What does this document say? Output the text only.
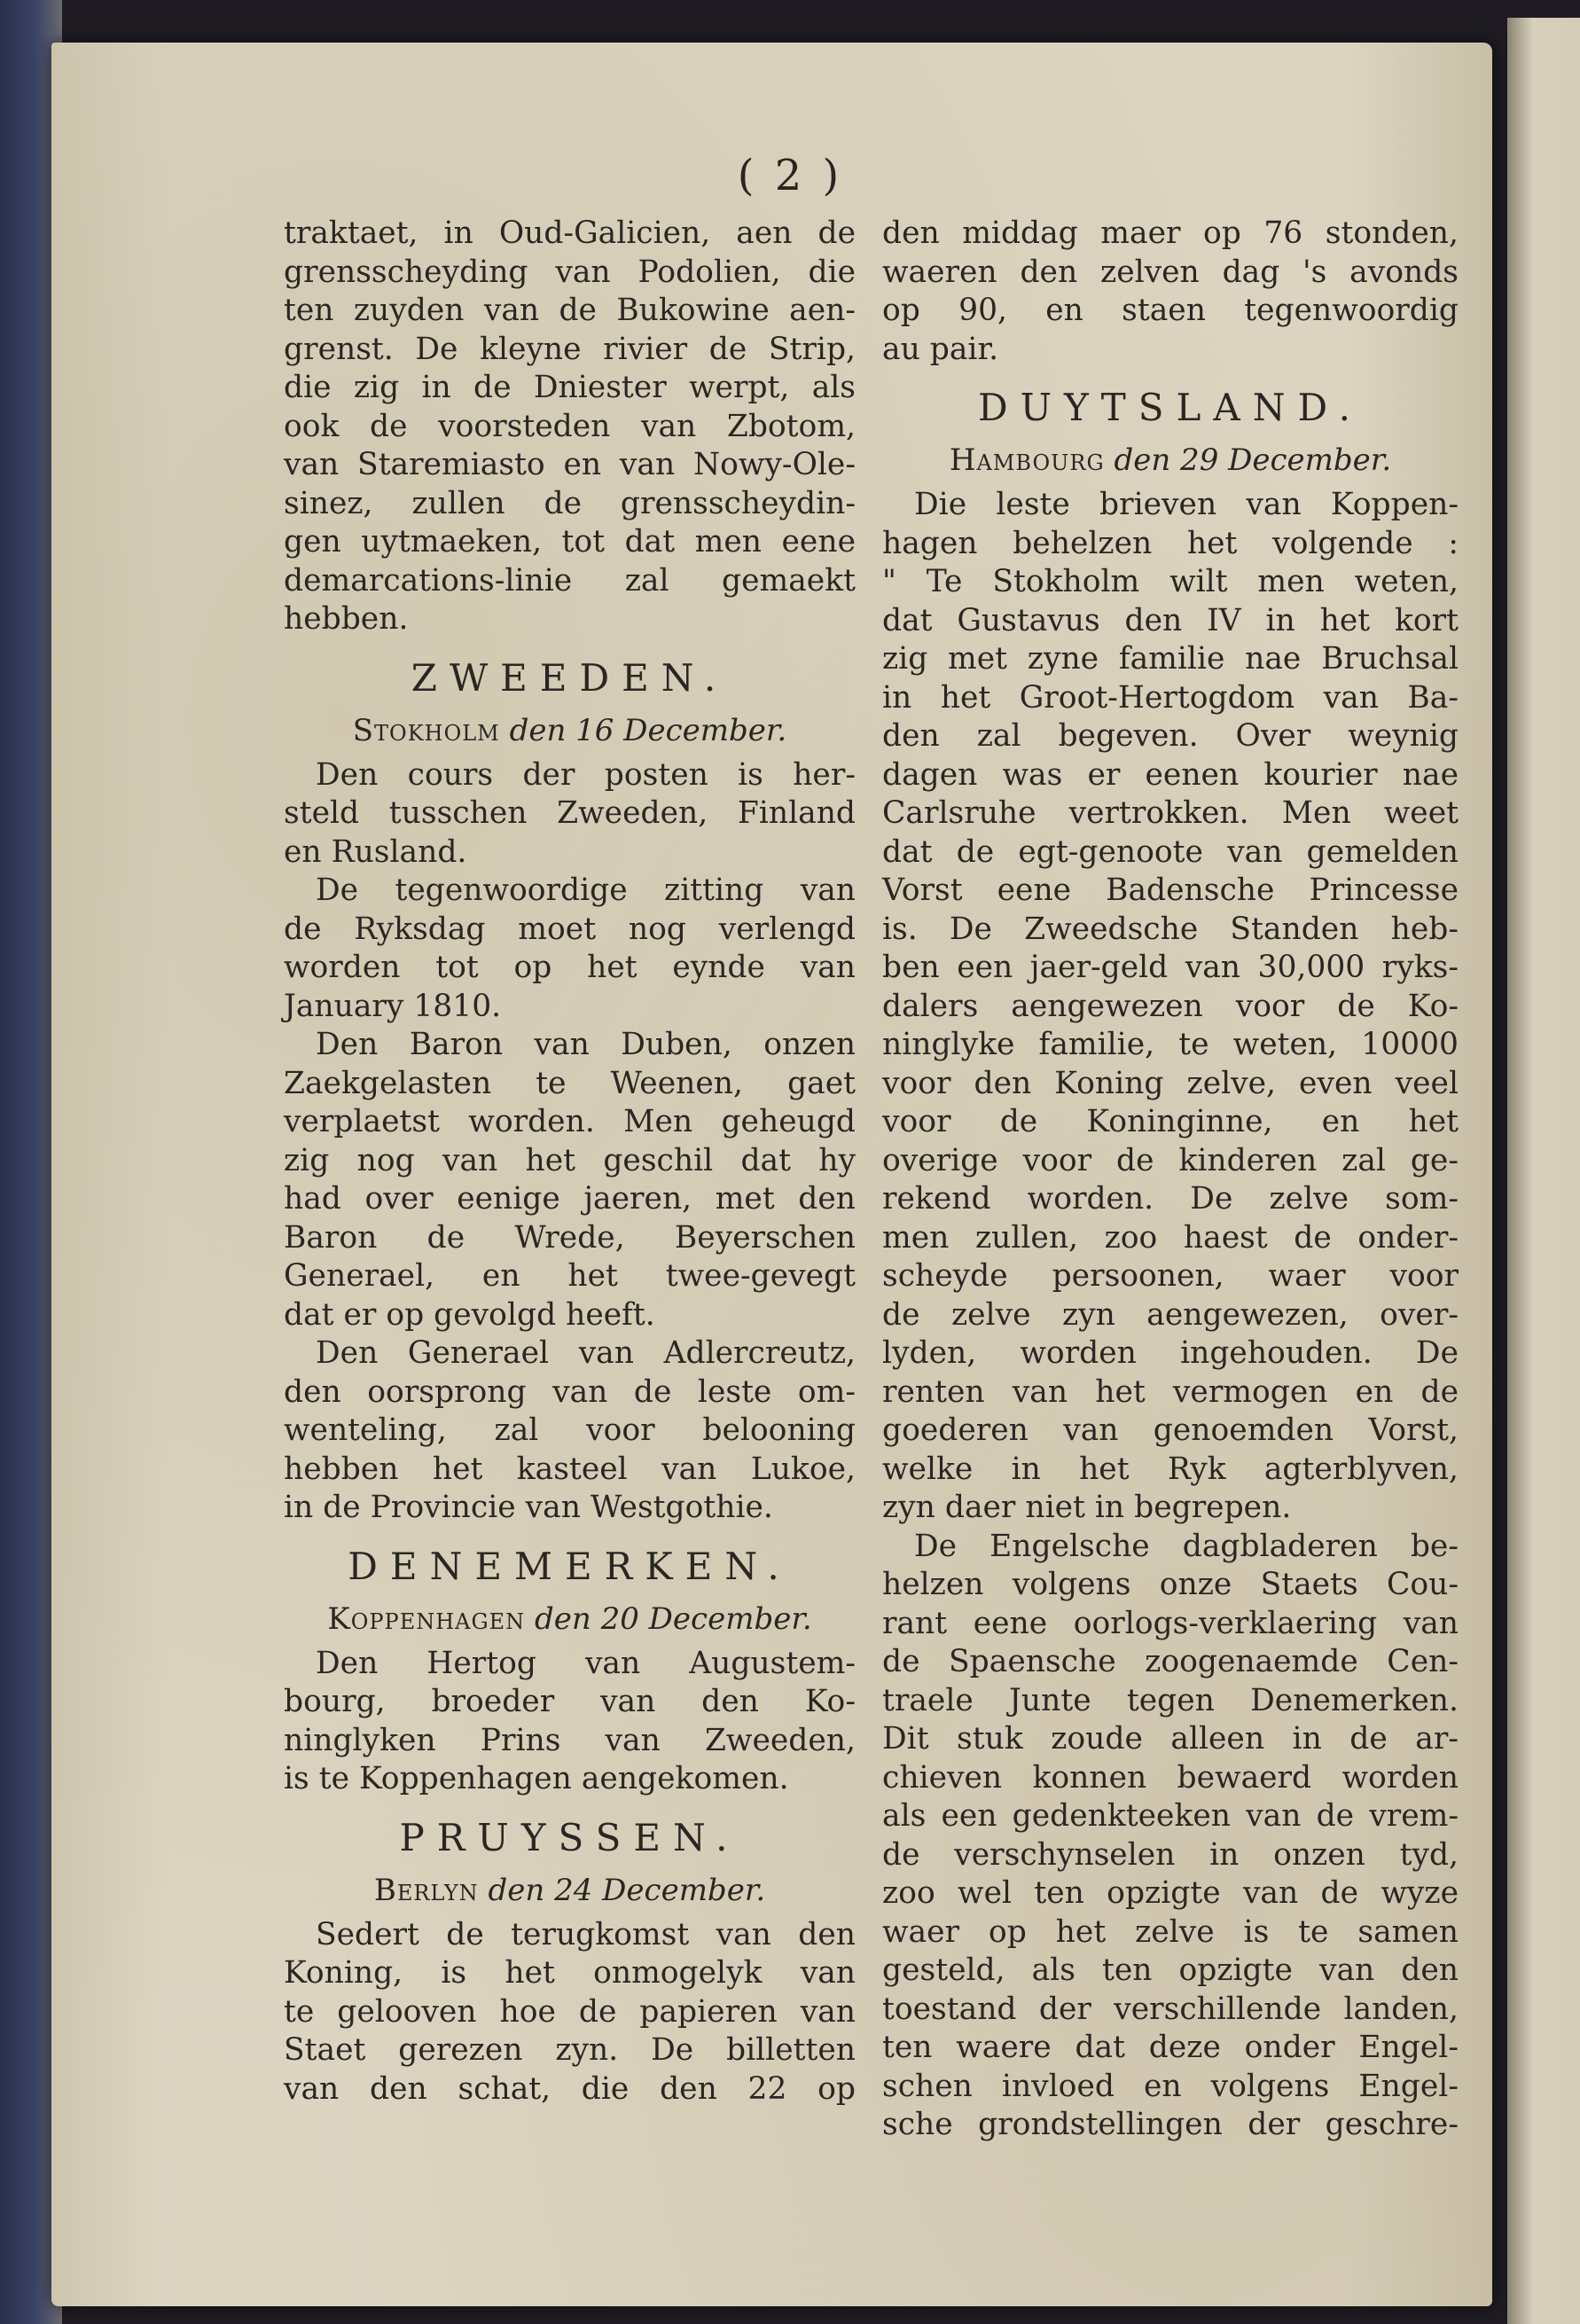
( 2 )

traktaet, in Oud-Galicien, aen de

grensscheyding van Podolien, die

ten zuyden van de Bukowine aen-

grenst. De kleyne rivier de Strip,

die zig in de Dniester werpt, als

ook de voorsteden van Zbotom,

van Staremiasto en van Nowy-Ole-

sinez, zullen de grensscheydin-

gen uytmaeken, tot dat men eene

demarcations-linie zal gemaekt

hebben.

ZWEEDEN.
Stokholm den 16 December.

Den cours der posten is her-

steld tusschen Zweeden, Finland

en Rusland.

De tegenwoordige zitting van

de Ryksdag moet nog verlengd

worden tot op het eynde van

January 1810.

Den Baron van Duben, onzen

Zaekgelasten te Weenen, gaet

verplaetst worden. Men geheugd

zig nog van het geschil dat hy

had over eenige jaeren, met den

Baron de Wrede, Beyerschen

Generael, en het twee-gevegt

dat er op gevolgd heeft.

Den Generael van Adlercreutz,

den oorsprong van de leste om-

wenteling, zal voor belooning

hebben het kasteel van Lukoe,

in de Provincie van Westgothie.

DENEMERKEN.
Koppenhagen den 20 December.

Den Hertog van Augustem-

bourg, broeder van den Ko-

ninglyken Prins van Zweeden,

is te Koppenhagen aengekomen.

PRUYSSEN.
Berlyn den 24 December.

Sedert de terugkomst van den

Koning, is het onmogelyk van

te gelooven hoe de papieren van

Staet gerezen zyn. De billetten

van den schat, die den 22 op

den middag maer op 76 stonden,

waeren den zelven dag 's avonds

op 90, en staen tegenwoordig

au pair.

DUYTSLAND.
Hambourg den 29 December.

Die leste brieven van Koppen-

hagen behelzen het volgende :

" Te Stokholm wilt men weten,

dat Gustavus den IV in het kort

zig met zyne familie nae Bruchsal

in het Groot-Hertogdom van Ba-

den zal begeven. Over weynig

dagen was er eenen kourier nae

Carlsruhe vertrokken. Men weet

dat de egt-genoote van gemelden

Vorst eene Badensche Princesse

is. De Zweedsche Standen heb-

ben een jaer-geld van 30,000 ryks-

dalers aengewezen voor de Ko-

ninglyke familie, te weten, 10000

voor den Koning zelve, even veel

voor de Koninginne, en het

overige voor de kinderen zal ge-

rekend worden. De zelve som-

men zullen, zoo haest de onder-

scheyde persoonen, waer voor

de zelve zyn aengewezen, over-

lyden, worden ingehouden. De

renten van het vermogen en de

goederen van genoemden Vorst,

welke in het Ryk agterblyven,

zyn daer niet in begrepen.

De Engelsche dagbladeren be-

helzen volgens onze Staets Cou-

rant eene oorlogs-verklaering van

de Spaensche zoogenaemde Cen-

traele Junte tegen Denemerken.

Dit stuk zoude alleen in de ar-

chieven konnen bewaerd worden

als een gedenkteeken van de vrem-

de verschynselen in onzen tyd,

zoo wel ten opzigte van de wyze

waer op het zelve is te samen

gesteld, als ten opzigte van den

toestand der verschillende landen,

ten waere dat deze onder Engel-

schen invloed en volgens Engel-

sche grondstellingen der geschre-
